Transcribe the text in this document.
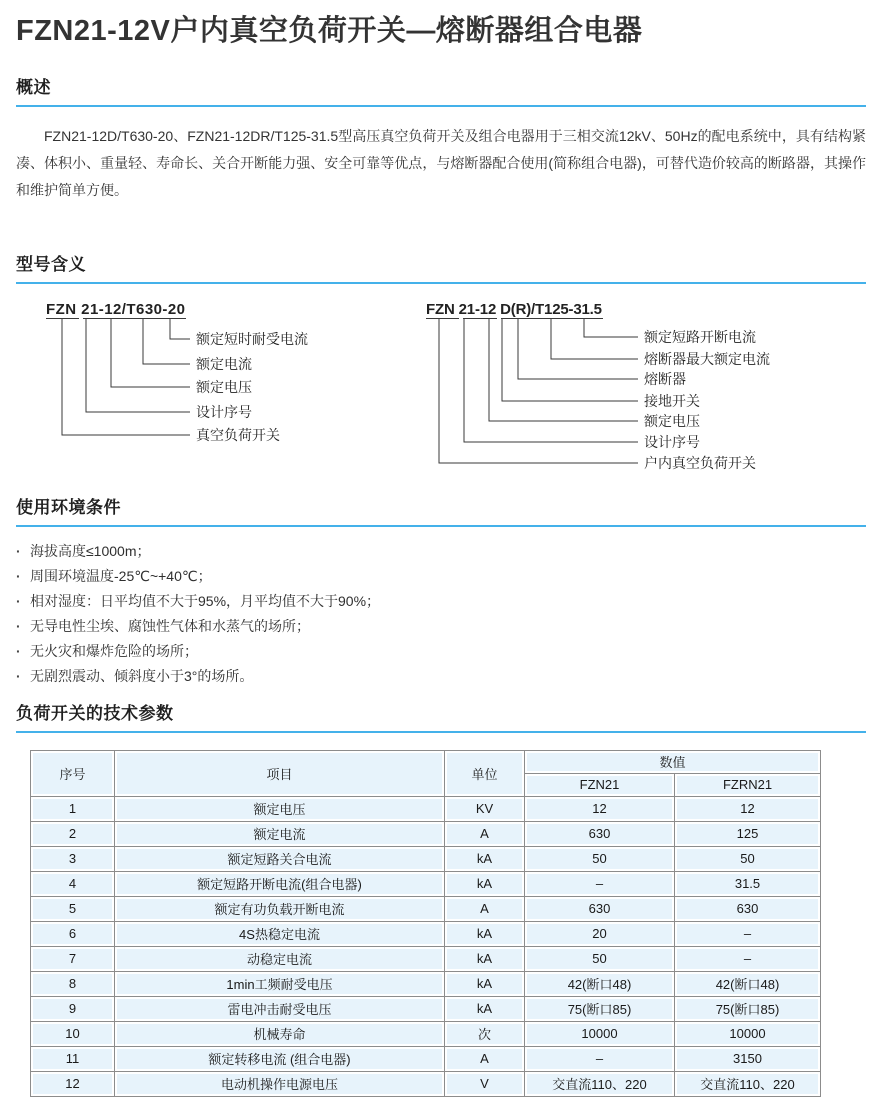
FZN21-12V户内真空负荷开关—熔断器组合电器
概述

FZN21-12D/T630-20、FZN21-12DR/T125-31.5型高压真空负荷开关及组合电器用于三相交流12kV、50Hz的配电系统中，具有结构紧凑、体积小、重量轻、寿命长、关合开断能力强、安全可靠等优点，与熔断器配合使用(简称组合电器)，可替代造价较高的断路器，其操作和维护简单方便。

型号含义
FZN 21-12/T630-20
额定短时耐受电流
额定电流
额定电压
设计序号
真空负荷开关
FZN 21-12 D(R)/T125-31.5
额定短路开断电流
熔断器最大额定电流
熔断器
接地开关
额定电压
设计序号
户内真空负荷开关
使用环境条件
· 海拔高度≤1000m；
· 周围环境温度-25℃~+40℃；
· 相对湿度：日平均值不大于95%，月平均值不大于90%；
· 无导电性尘埃、腐蚀性气体和水蒸气的场所；
· 无火灾和爆炸危险的场所；
· 无剧烈震动、倾斜度小于3°的场所。
负荷开关的技术参数
序号	项目	单位	数值	
			FZN21	FZRN21
1	额定电压	KV	12	12
2	额定电流	A	630	125
3	额定短路关合电流	kA	50	50
4	额定短路开断电流(组合电器)	kA	–	31.5
5	额定有功负载开断电流	A	630	630
6	4S热稳定电流	kA	20	–
7	动稳定电流	kA	50	–
8	1min工频耐受电压	kA	42(断口48)	42(断口48)
9	雷电冲击耐受电压	kA	75(断口85)	75(断口85)
10	机械寿命	次	10000	10000
11	额定转移电流 (组合电器)	A	–	3150
12	电动机操作电源电压	V	交直流110、220	交直流110、220
